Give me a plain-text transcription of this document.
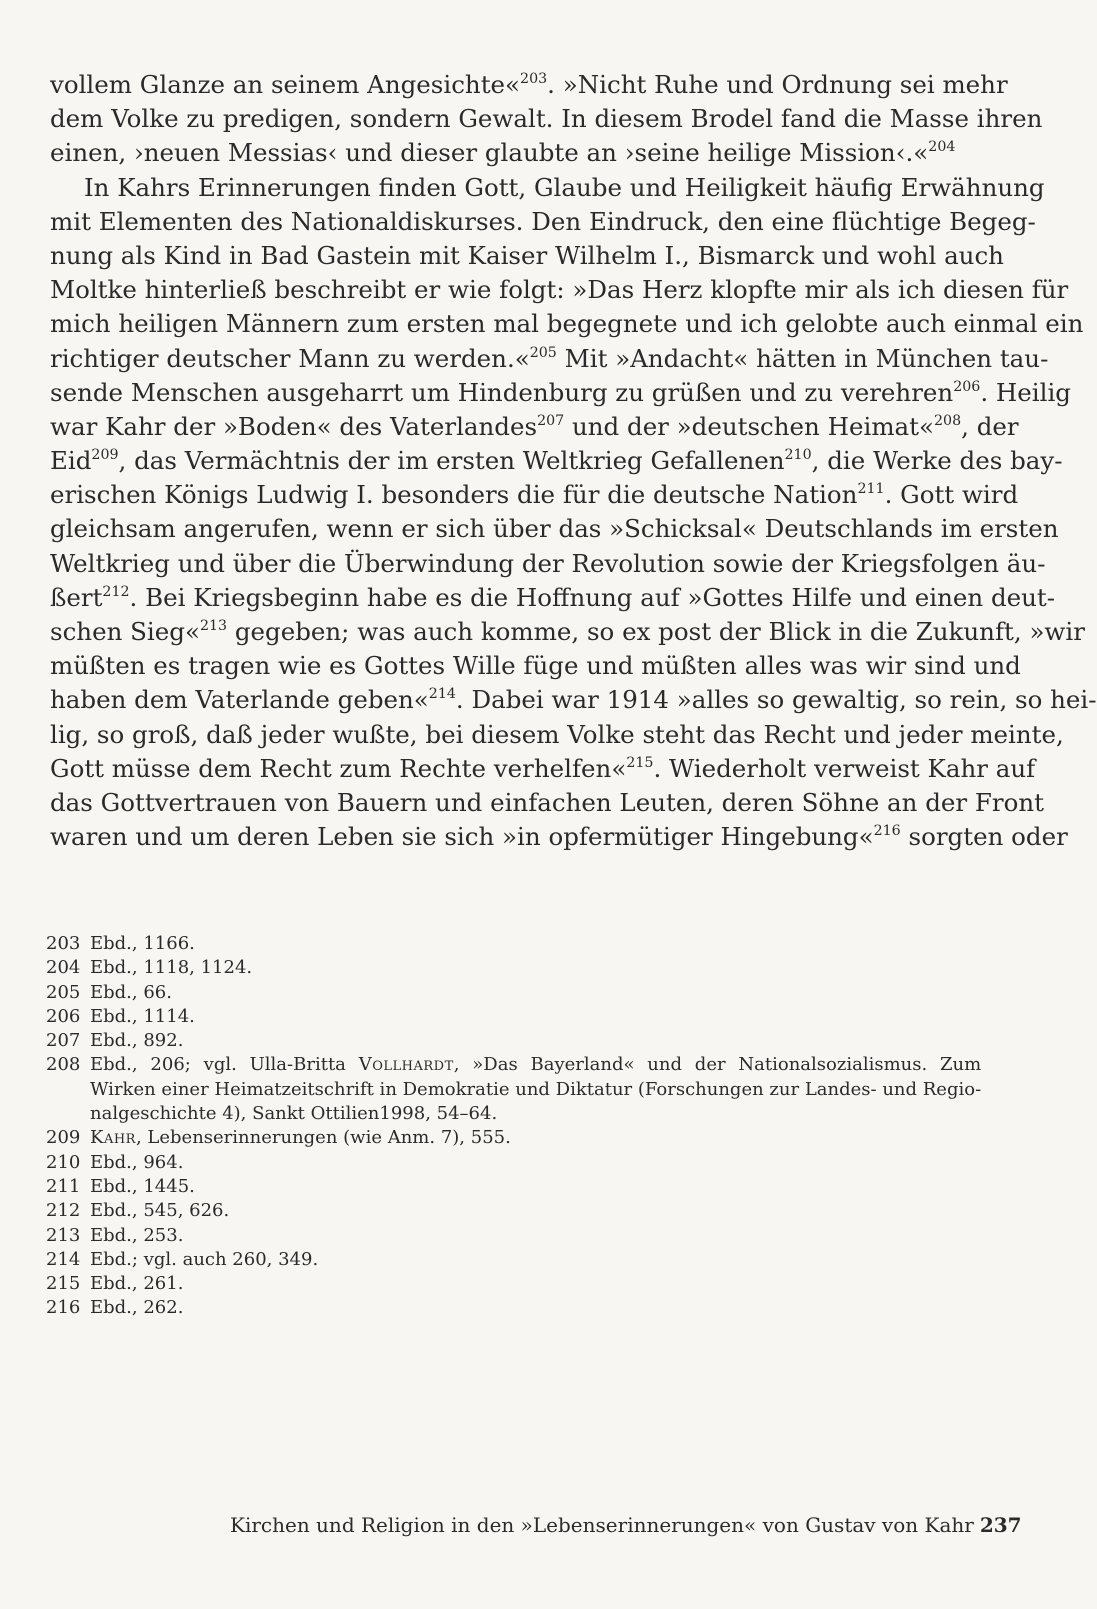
vollem Glanze an seinem Angesichte«$^{203}$. »Nicht Ruhe und Ordnung sei mehr
dem Volke zu predigen, sondern Gewalt. In diesem Brodel fand die Masse ihren
einen, ›neuen Messias‹ und dieser glaubte an ›seine heilige Mission‹.«$^{204}$
In Kahrs Erinnerungen finden Gott, Glaube und Heiligkeit häufig Erwähnung
mit Elementen des Nationaldiskurses. Den Eindruck, den eine flüchtige Begeg-
nung als Kind in Bad Gastein mit Kaiser Wilhelm I., Bismarck und wohl auch
Moltke hinterließ beschreibt er wie folgt: »Das Herz klopfte mir als ich diesen für
mich heiligen Männern zum ersten mal begegnete und ich gelobte auch einmal ein
richtiger deutscher Mann zu werden.«$^{205}$ Mit »Andacht« hätten in München tau-
sende Menschen ausgeharrt um Hindenburg zu grüßen und zu verehren$^{206}$. Heilig
war Kahr der »Boden« des Vaterlandes$^{207}$ und der »deutschen Heimat«$^{208}$, der
Eid$^{209}$, das Vermächtnis der im ersten Weltkrieg Gefallenen$^{210}$, die Werke des bay-
erischen Königs Ludwig I. besonders die für die deutsche Nation$^{211}$. Gott wird
gleichsam angerufen, wenn er sich über das »Schicksal« Deutschlands im ersten
Weltkrieg und über die Überwindung der Revolution sowie der Kriegsfolgen äu-
ßert$^{212}$. Bei Kriegsbeginn habe es die Hoffnung auf »Gottes Hilfe und einen deut-
schen Sieg«$^{213}$ gegeben; was auch komme, so ex post der Blick in die Zukunft, »wir
müßten es tragen wie es Gottes Wille füge und müßten alles was wir sind und
haben dem Vaterlande geben«$^{214}$. Dabei war 1914 »alles so gewaltig, so rein, so hei-
lig, so groß, daß jeder wußte, bei diesem Volke steht das Recht und jeder meinte,
Gott müsse dem Recht zum Rechte verhelfen«$^{215}$. Wiederholt verweist Kahr auf
das Gottvertrauen von Bauern und einfachen Leuten, deren Söhne an der Front
waren und um deren Leben sie sich »in opfermütiger Hingebung«$^{216}$ sorgten oder
203 Ebd., 1166.
204 Ebd., 1118, 1124.
205 Ebd., 66.
206 Ebd., 1114.
207 Ebd., 892.
208 Ebd., 206; vgl. Ulla-Britta Vollhardt, »Das Bayerland« und der Nationalsozialismus. Zum
Wirken einer Heimatzeitschrift in Demokratie und Diktatur (Forschungen zur Landes- und Regio-
nalgeschichte 4), Sankt Ottilien1998, 54–64.
209 Kahr, Lebenserinnerungen (wie Anm. 7), 555.
210 Ebd., 964.
211 Ebd., 1445.
212 Ebd., 545, 626.
213 Ebd., 253.
214 Ebd.; vgl. auch 260, 349.
215 Ebd., 261.
216 Ebd., 262.
Kirchen und Religion in den »Lebenserinnerungen« von Gustav von Kahr 237
